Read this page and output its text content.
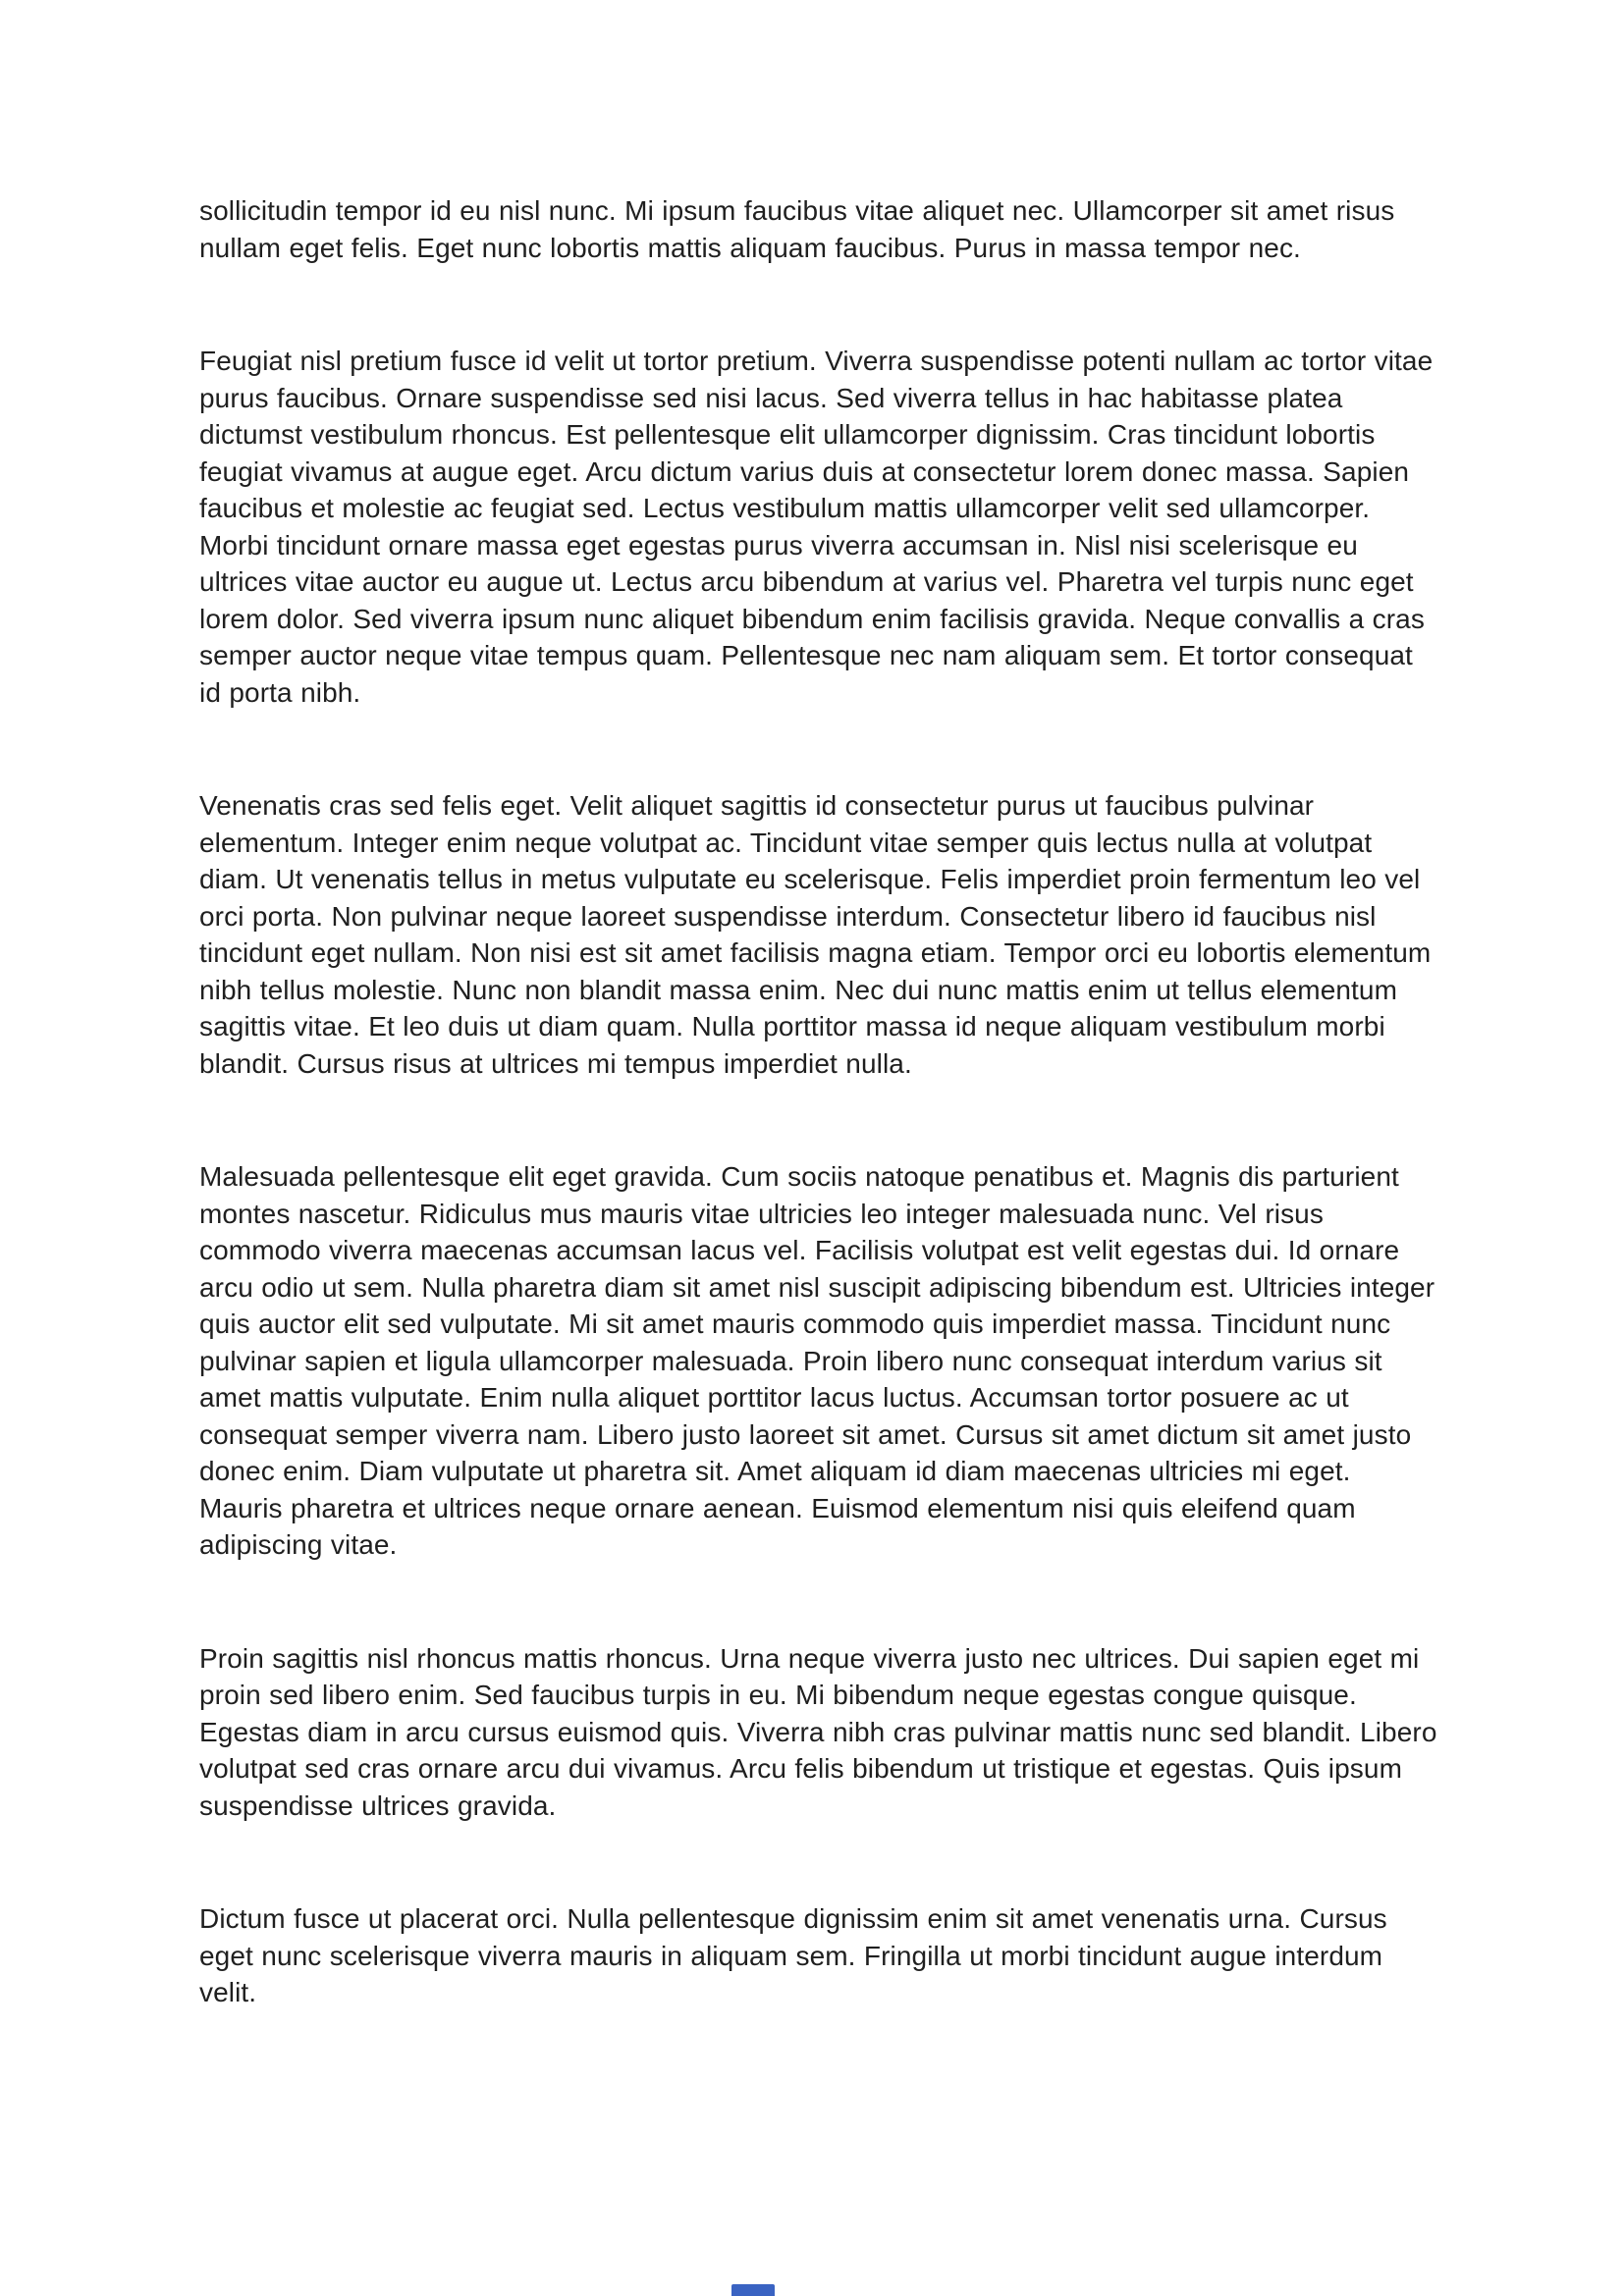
sollicitudin tempor id eu nisl nunc. Mi ipsum faucibus vitae aliquet nec. Ullamcorper sit amet risus nullam eget felis. Eget nunc lobortis mattis aliquam faucibus. Purus in massa tempor nec.

Feugiat nisl pretium fusce id velit ut tortor pretium. Viverra suspendisse potenti nullam ac tortor vitae purus faucibus. Ornare suspendisse sed nisi lacus. Sed viverra tellus in hac habitasse platea dictumst vestibulum rhoncus. Est pellentesque elit ullamcorper dignissim. Cras tincidunt lobortis feugiat vivamus at augue eget. Arcu dictum varius duis at consectetur lorem donec massa. Sapien faucibus et molestie ac feugiat sed. Lectus vestibulum mattis ullamcorper velit sed ullamcorper. Morbi tincidunt ornare massa eget egestas purus viverra accumsan in. Nisl nisi scelerisque eu ultrices vitae auctor eu augue ut. Lectus arcu bibendum at varius vel. Pharetra vel turpis nunc eget lorem dolor. Sed viverra ipsum nunc aliquet bibendum enim facilisis gravida. Neque convallis a cras semper auctor neque vitae tempus quam. Pellentesque nec nam aliquam sem. Et tortor consequat id porta nibh.

Venenatis cras sed felis eget. Velit aliquet sagittis id consectetur purus ut faucibus pulvinar elementum. Integer enim neque volutpat ac. Tincidunt vitae semper quis lectus nulla at volutpat diam. Ut venenatis tellus in metus vulputate eu scelerisque. Felis imperdiet proin fermentum leo vel orci porta. Non pulvinar neque laoreet suspendisse interdum. Consectetur libero id faucibus nisl tincidunt eget nullam. Non nisi est sit amet facilisis magna etiam. Tempor orci eu lobortis elementum nibh tellus molestie. Nunc non blandit massa enim. Nec dui nunc mattis enim ut tellus elementum sagittis vitae. Et leo duis ut diam quam. Nulla porttitor massa id neque aliquam vestibulum morbi blandit. Cursus risus at ultrices mi tempus imperdiet nulla.

Malesuada pellentesque elit eget gravida. Cum sociis natoque penatibus et. Magnis dis parturient montes nascetur. Ridiculus mus mauris vitae ultricies leo integer malesuada nunc. Vel risus commodo viverra maecenas accumsan lacus vel. Facilisis volutpat est velit egestas dui. Id ornare arcu odio ut sem. Nulla pharetra diam sit amet nisl suscipit adipiscing bibendum est. Ultricies integer quis auctor elit sed vulputate. Mi sit amet mauris commodo quis imperdiet massa. Tincidunt nunc pulvinar sapien et ligula ullamcorper malesuada. Proin libero nunc consequat interdum varius sit amet mattis vulputate. Enim nulla aliquet porttitor lacus luctus. Accumsan tortor posuere ac ut consequat semper viverra nam. Libero justo laoreet sit amet. Cursus sit amet dictum sit amet justo donec enim. Diam vulputate ut pharetra sit. Amet aliquam id diam maecenas ultricies mi eget. Mauris pharetra et ultrices neque ornare aenean. Euismod elementum nisi quis eleifend quam adipiscing vitae.

Proin sagittis nisl rhoncus mattis rhoncus. Urna neque viverra justo nec ultrices. Dui sapien eget mi proin sed libero enim. Sed faucibus turpis in eu. Mi bibendum neque egestas congue quisque. Egestas diam in arcu cursus euismod quis. Viverra nibh cras pulvinar mattis nunc sed blandit. Libero volutpat sed cras ornare arcu dui vivamus. Arcu felis bibendum ut tristique et egestas. Quis ipsum suspendisse ultrices gravida.

Dictum fusce ut placerat orci. Nulla pellentesque dignissim enim sit amet venenatis urna. Cursus eget nunc scelerisque viverra mauris in aliquam sem. Fringilla ut morbi tincidunt augue interdum velit.
